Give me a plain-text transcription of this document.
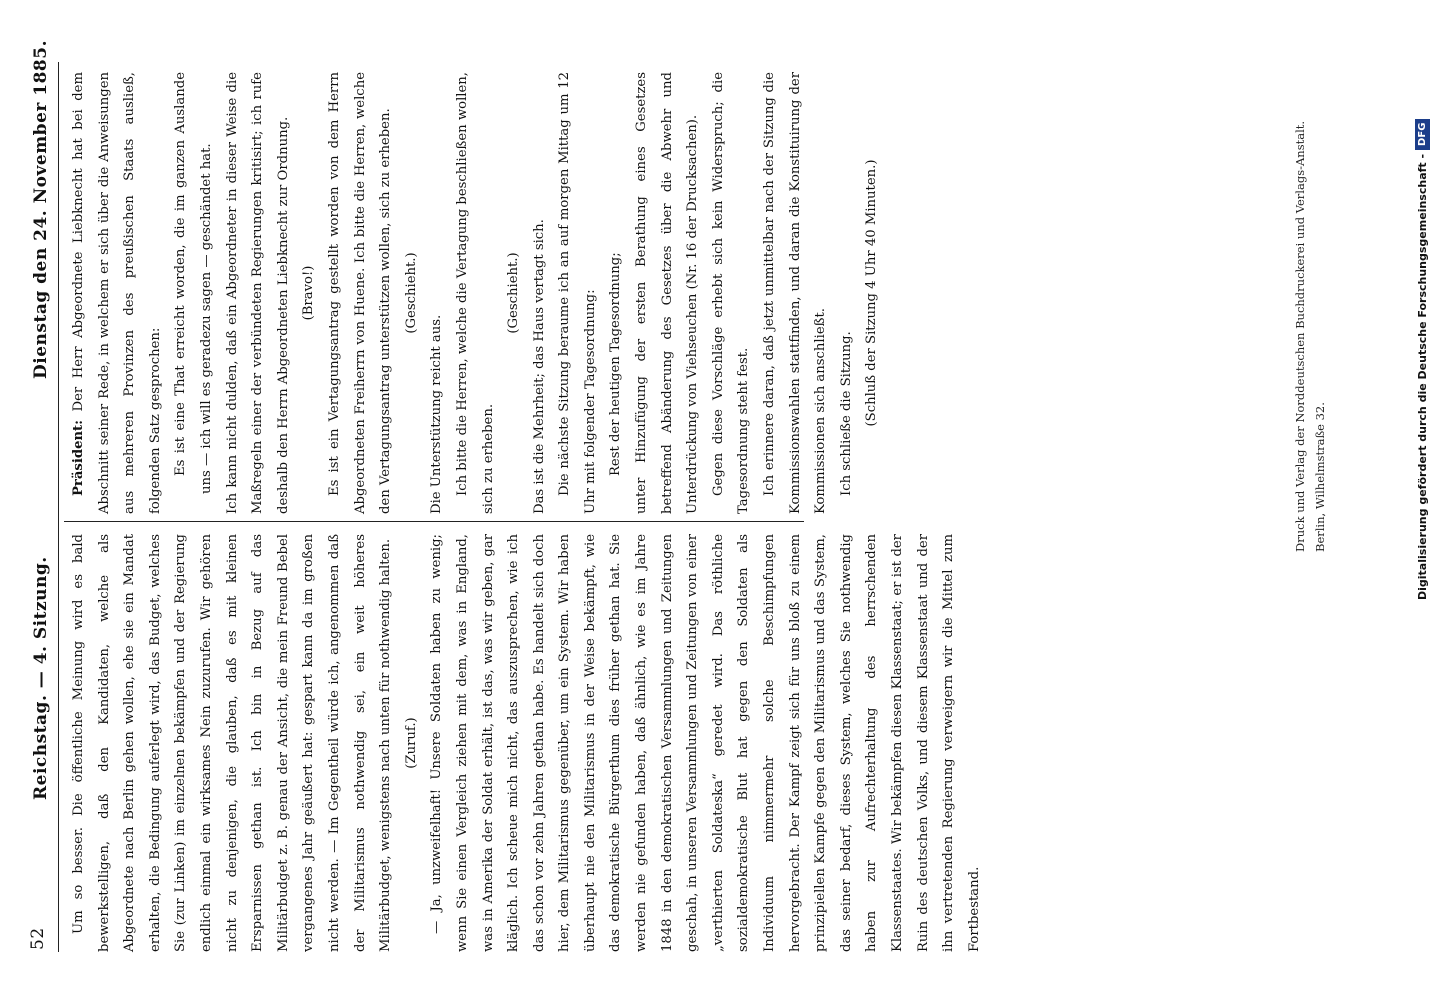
52
Reichstag. — 4. Sitzung.
Dienstag den 24. November 1885.

Um so besser. Die öffentliche Meinung wird es bald bewerkstelligen, daß den Kandidaten, welche als Abgeordnete nach Berlin gehen wollen, ehe sie ein Mandat erhalten, die Bedingung auferlegt wird, das Budget, welches Sie (zur Linken) im einzelnen bekämpfen und der Regierung endlich einmal ein wirksames Nein zuzurufen. Wir gehören nicht zu denjenigen, die glauben, daß es mit kleinen Ersparnissen gethan ist. Ich bin in Bezug auf das Militärbudget z. B. genau der Ansicht, die mein Freund Bebel vergangenes Jahr geäußert hat: gespart kann da im großen nicht werden. — Im Gegentheil würde ich, angenommen daß der Militarismus nothwendig sei, ein weit höheres Militärbudget, wenigstens nach unten für nothwendig halten. (Zuruf.) — Ja, unzweifelhaft! Unsere Soldaten haben zu wenig; wenn Sie einen Vergleich ziehen mit dem, was in England, was in Amerika der Soldat erhält, ist das, was wir geben, gar kläglich. Ich scheue mich nicht, das auszusprechen, wie ich das schon vor zehn Jahren gethan habe. Es handelt sich doch hier, dem Militarismus gegenüber, um ein System. Wir haben überhaupt nie den Militarismus in der Weise bekämpft, wie das demokratische Bürgerthum dies früher gethan hat. Sie werden nie gefunden haben, daß ähnlich, wie es im Jahre 1848 in den demokratischen Versammlungen und Zeitungen geschah, in unseren Versammlungen und Zeitungen von einer „verthierten Soldateska“ geredet wird. Das röthliche sozialdemokratische Blut hat gegen den Soldaten als Individuum nimmermehr solche Beschimpfungen hervorgebracht. Der Kampf zeigt sich für uns bloß zu einem prinzipiellen Kampfe gegen den Militarismus und das System, das seiner bedarf, dieses System, welches Sie nothwendig haben zur Aufrechterhaltung des herrschenden Klassenstaates. Wir bekämpfen diesen Klassenstaat; er ist der Ruin des deutschen Volks, und diesem Klassenstaat und der ihn vertretenden Regierung verweigern wir die Mittel zum Fortbestand.

Präsident: Der Herr Abgeordnete Liebknecht hat bei dem Abschnitt seiner Rede, in welchem er sich über die Anweisungen aus mehreren Provinzen des preußischen Staats ausließ, folgenden Satz gesprochen: Es ist eine That erreicht worden, die im ganzen Auslande uns — ich will es geradezu sagen — geschändet hat. Ich kann nicht dulden, daß ein Abgeordneter in dieser Weise die Maßregeln einer der verbündeten Regierungen kritisirt; ich rufe deshalb den Herrn Abgeordneten Liebknecht zur Ordnung. (Bravo!) Es ist ein Vertagungsantrag gestellt worden von dem Herrn Abgeordneten Freiherrn von Huene. Ich bitte die Herren, welche den Vertagungsantrag unterstützen wollen, sich zu erheben. (Geschieht.)

Die Unterstützung reicht aus. Ich bitte die Herren, welche die Vertagung beschließen wollen, sich zu erheben.

(Geschieht.) Das ist die Mehrheit; das Haus vertagt sich. Die nächste Sitzung beraume ich an auf morgen Mittag um 12 Uhr mit folgender Tagesordnung: Rest der heutigen Tagesordnung; unter Hinzufügung der ersten Berathung eines Gesetzes betreffend Abänderung des Gesetzes über die Abwehr und Unterdrückung von Viehseuchen (Nr. 16 der Drucksachen). Gegen diese Vorschläge erhebt sich kein Widerspruch; die Tagesordnung steht fest. Ich erinnere daran, daß jetzt unmittelbar nach der Sitzung die Kommissionswahlen stattfinden, und daran die Konstituirung der Kommissionen sich anschließt. Ich schließe die Sitzung. (Schluß der Sitzung 4 Uhr 40 Minuten.)	Druck und Verlag der Norddeutschen Buchdruckerei und Verlags-Anstalt. Berlin, Wilhelmstraße 32.	Digitalisierung gefördert durch die Deutsche Forschungsgemeinschaft -
DFG
